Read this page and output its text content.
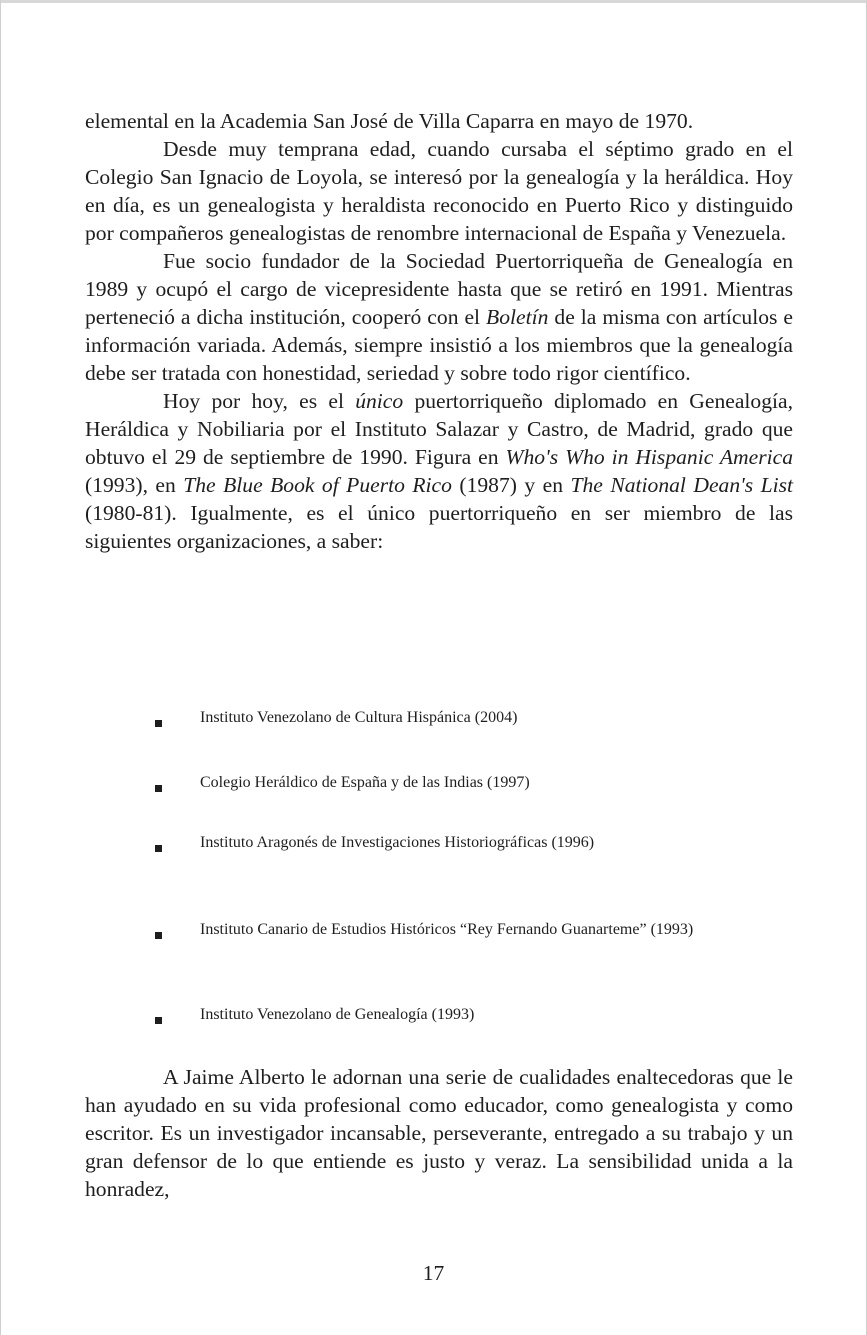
elemental en la Academia San José de Villa Caparra en mayo de 1970.

Desde muy temprana edad, cuando cursaba el séptimo grado en el Colegio San Ignacio de Loyola, se interesó por la genealogía y la heráldica. Hoy en día, es un genealogista y heraldista reconocido en Puerto Rico y distinguido por compañeros genealogistas de renombre internacional de España y Venezuela.

Fue socio fundador de la Sociedad Puertorriqueña de Genealogía en 1989 y ocupó el cargo de vicepresidente hasta que se retiró en 1991. Mientras perteneció a dicha institución, cooperó con el Boletín de la misma con artículos e información variada. Además, siempre insistió a los miembros que la genealogía debe ser tratada con honestidad, seriedad y sobre todo rigor científico.

Hoy por hoy, es el único puertorriqueño diplomado en Genealogía, Heráldica y Nobiliaria por el Instituto Salazar y Castro, de Madrid, grado que obtuvo el 29 de septiembre de 1990. Figura en Who's Who in Hispanic America (1993), en The Blue Book of Puerto Rico (1987) y en The National Dean's List (1980-81). Igualmente, es el único puertorriqueño en ser miembro de las siguientes organizaciones, a saber:

Instituto Venezolano de Cultura Hispánica (2004)
Colegio Heráldico de España y de las Indias (1997)
Instituto Aragonés de Investigaciones Historiográficas (1996)
Instituto Canario de Estudios Históricos “Rey Fernando Guanarteme” (1993)
Instituto Venezolano de Genealogía (1993)

A Jaime Alberto le adornan una serie de cualidades enaltecedoras que le han ayudado en su vida profesional como educador, como genealogista y como escritor. Es un investigador incansable, perseverante, entregado a su trabajo y un gran defensor de lo que entiende es justo y veraz. La sensibilidad unida a la honradez,

17
